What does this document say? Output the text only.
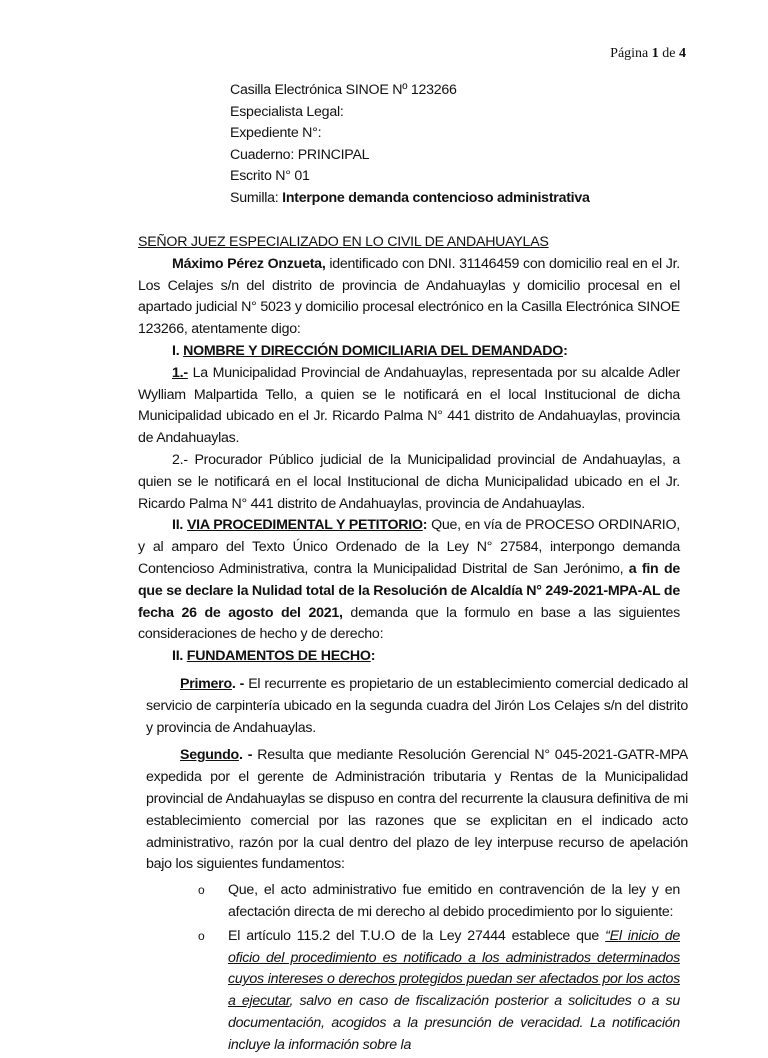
Página 1 de 4
Casilla Electrónica SINOE Nº 123266
Especialista Legal:
Expediente N°:
Cuaderno: PRINCIPAL
Escrito N° 01
Sumilla: Interpone demanda contencioso administrativa

SEÑOR JUEZ ESPECIALIZADO EN LO CIVIL DE ANDAHUAYLAS

Máximo Pérez Onzueta, identificado con DNI. 31146459 con domicilio real en el Jr. Los Celajes s/n del distrito de provincia de Andahuaylas y domicilio procesal en el apartado judicial N° 5023 y domicilio procesal electrónico en la Casilla Electrónica SINOE 123266, atentamente digo:

I. NOMBRE Y DIRECCIÓN DOMICILIARIA DEL DEMANDADO:

1.- La Municipalidad Provincial de Andahuaylas, representada por su alcalde Adler Wylliam Malpartida Tello, a quien se le notificará en el local Institucional de dicha Municipalidad ubicado en el Jr. Ricardo Palma N° 441 distrito de Andahuaylas, provincia de Andahuaylas.

2.- Procurador Público judicial de la Municipalidad provincial de Andahuaylas, a quien se le notificará en el local Institucional de dicha Municipalidad ubicado en el Jr. Ricardo Palma N° 441 distrito de Andahuaylas, provincia de Andahuaylas.

II. VIA PROCEDIMENTAL Y PETITORIO: Que, en vía de PROCESO ORDINARIO, y al amparo del Texto Único Ordenado de la Ley N° 27584, interpongo demanda Contencioso Administrativa, contra la Municipalidad Distrital de San Jerónimo, a fin de que se declare la Nulidad total de la Resolución de Alcaldía N° 249-2021-MPA-AL de fecha 26 de agosto del 2021, demanda que la formulo en base a las siguientes consideraciones de hecho y de derecho:

II. FUNDAMENTOS DE HECHO:

Primero. - El recurrente es propietario de un establecimiento comercial dedicado al servicio de carpintería ubicado en la segunda cuadra del Jirón Los Celajes s/n del distrito y provincia de Andahuaylas.

Segundo. - Resulta que mediante Resolución Gerencial N° 045-2021-GATR-MPA expedida por el gerente de Administración tributaria y Rentas de la Municipalidad provincial de Andahuaylas se dispuso en contra del recurrente la clausura definitiva de mi establecimiento comercial por las razones que se explicitan en el indicado acto administrativo, razón por la cual dentro del plazo de ley interpuse recurso de apelación bajo los siguientes fundamentos:

o Que, el acto administrativo fue emitido en contravención de la ley y en afectación directa de mi derecho al debido procedimiento por lo siguiente:
o El artículo 115.2 del T.U.O de la Ley 27444 establece que “El inicio de oficio del procedimiento es notificado a los administrados determinados cuyos intereses o derechos protegidos puedan ser afectados por los actos a ejecutar, salvo en caso de fiscalización posterior a solicitudes o a su documentación, acogidos a la presunción de veracidad. La notificación incluye la información sobre la
